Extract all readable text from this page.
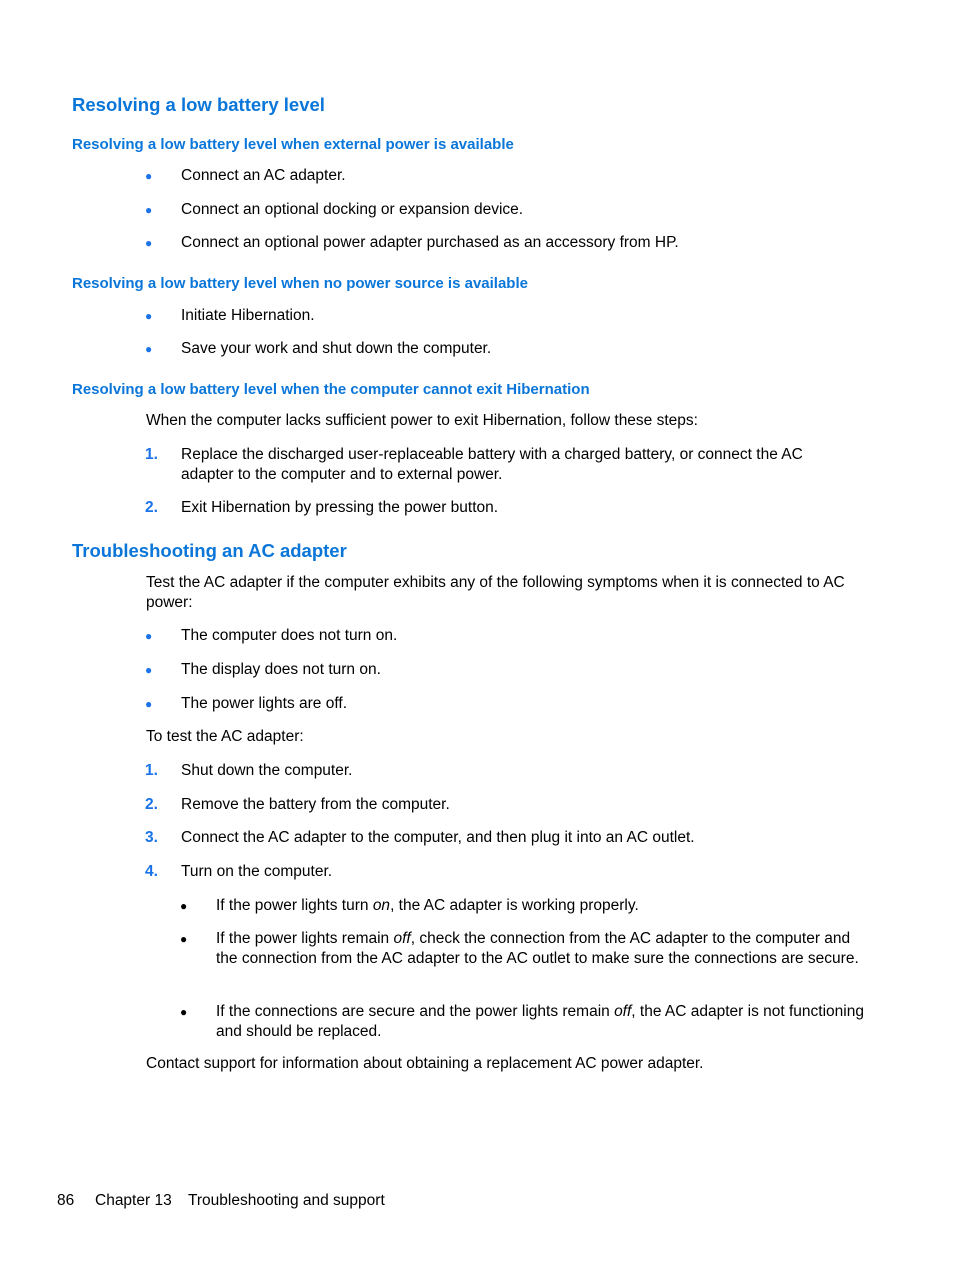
Resolving a low battery level
Resolving a low battery level when external power is available
● Connect an AC adapter.
● Connect an optional docking or expansion device.
● Connect an optional power adapter purchased as an accessory from HP.
Resolving a low battery level when no power source is available
● Initiate Hibernation.
● Save your work and shut down the computer.
Resolving a low battery level when the computer cannot exit Hibernation
When the computer lacks sufficient power to exit Hibernation, follow these steps:
1. Replace the discharged user-replaceable battery with a charged battery, or connect the AC adapter to the computer and to external power.
2. Exit Hibernation by pressing the power button.
Troubleshooting an AC adapter
Test the AC adapter if the computer exhibits any of the following symptoms when it is connected to AC power:
● The computer does not turn on.
● The display does not turn on.
● The power lights are off.
To test the AC adapter:
1. Shut down the computer.
2. Remove the battery from the computer.
3. Connect the AC adapter to the computer, and then plug it into an AC outlet.
4. Turn on the computer.
● If the power lights turn on, the AC adapter is working properly.
● If the power lights remain off, check the connection from the AC adapter to the computer and the connection from the AC adapter to the AC outlet to make sure the connections are secure.
● If the connections are secure and the power lights remain off, the AC adapter is not functioning and should be replaced.
Contact support for information about obtaining a replacement AC power adapter.
86 Chapter 13 Troubleshooting and support
